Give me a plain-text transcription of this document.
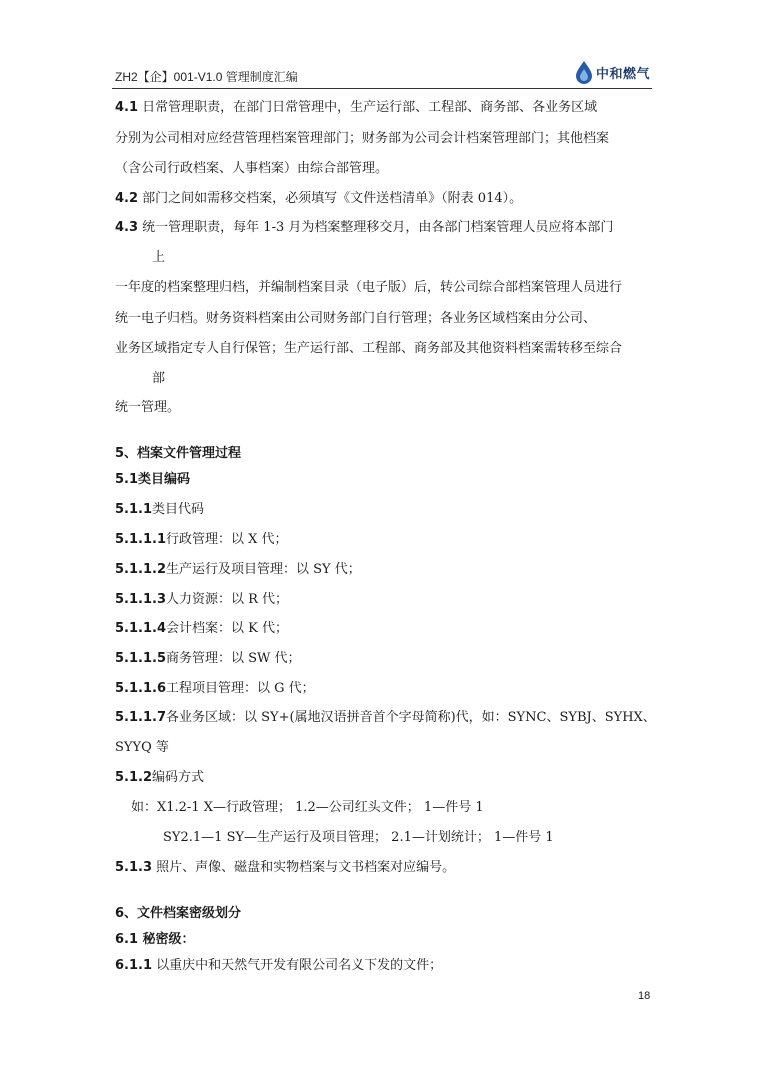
ZH2【企】001-V1.0 管理制度汇编	中和燃气
4.1 日常管理职责，在部门日常管理中，生产运行部、工程部、商务部、各业务区域
分别为公司相对应经营管理档案管理部门；财务部为公司会计档案管理部门；其他档案
（含公司行政档案、人事档案）由综合部管理。
4.2 部门之间如需移交档案，必须填写《文件送档清单》（附表 014）。
4.3 统一管理职责，每年 1-3 月为档案整理移交月，由各部门档案管理人员应将本部门
上
一年度的档案整理归档，并编制档案目录（电子版）后，转公司综合部档案管理人员进行
统一电子归档。财务资料档案由公司财务部门自行管理；各业务区域档案由分公司、
业务区域指定专人自行保管；生产运行部、工程部、商务部及其他资料档案需转移至综合
部
统一管理。
5、档案文件管理过程
5.1类目编码
5.1.1类目代码
5.1.1.1行政管理：以 X 代；
5.1.1.2生产运行及项目管理：以 SY 代；
5.1.1.3人力资源：以 R 代；
5.1.1.4会计档案：以 K 代；
5.1.1.5商务管理：以 SW 代；
5.1.1.6工程项目管理：以 G 代；
5.1.1.7各业务区域：以 SY+(属地汉语拼音首个字母简称)代，如：SYNC、SYBJ、SYHX、
SYYQ 等
5.1.2编码方式
如：X1.2-1 X—行政管理； 1.2—公司红头文件； 1—件号 1
SY2.1—1 SY—生产运行及项目管理； 2.1—计划统计； 1—件号 1
5.1.3 照片、声像、磁盘和实物档案与文书档案对应编号。
6、文件档案密级划分
6.1 秘密级：
6.1.1 以重庆中和天然气开发有限公司名义下发的文件；
18
